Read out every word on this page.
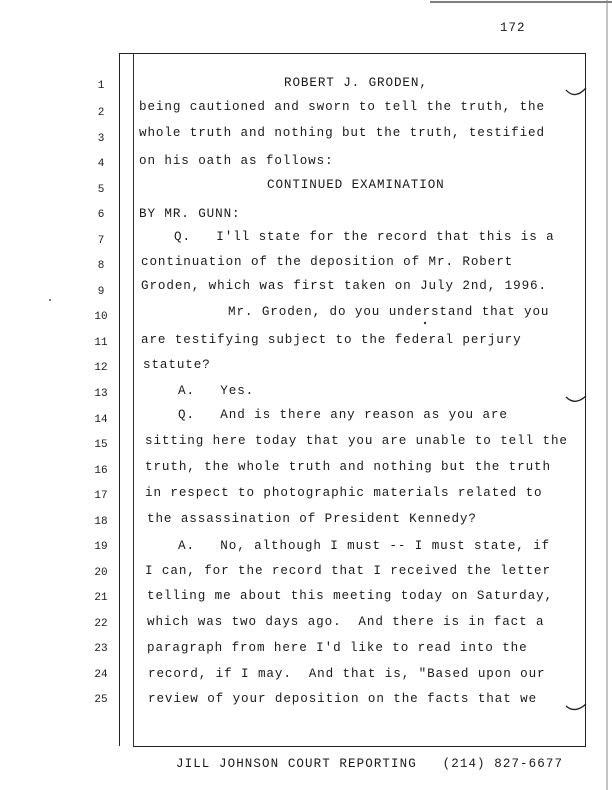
172
1	ROBERT J. GRODEN,
2	being cautioned and sworn to tell the truth, the
3	whole truth and nothing but the truth, testified
4	on his oath as follows:
5	CONTINUED EXAMINATION
6	BY MR. GUNN:
7	Q.   I'll state for the record that this is a
8	continuation of the deposition of Mr. Robert
9	Groden, which was first taken on July 2nd, 1996.
10	Mr. Groden, do you understand that you
11	are testifying subject to the federal perjury
12	statute?
13	A.   Yes.
14	Q.   And is there any reason as you are
15	sitting here today that you are unable to tell the
16	truth, the whole truth and nothing but the truth
17	in respect to photographic materials related to
18	the assassination of President Kennedy?
19	A.   No, although I must -- I must state, if
20	I can, for the record that I received the letter
21	telling me about this meeting today on Saturday,
22	which was two days ago.  And there is in fact a
23	paragraph from here I'd like to read into the
24	record, if I may.  And that is, "Based upon our
25	review of your deposition on the facts that we
JILL JOHNSON COURT REPORTING   (214) 827-6677
